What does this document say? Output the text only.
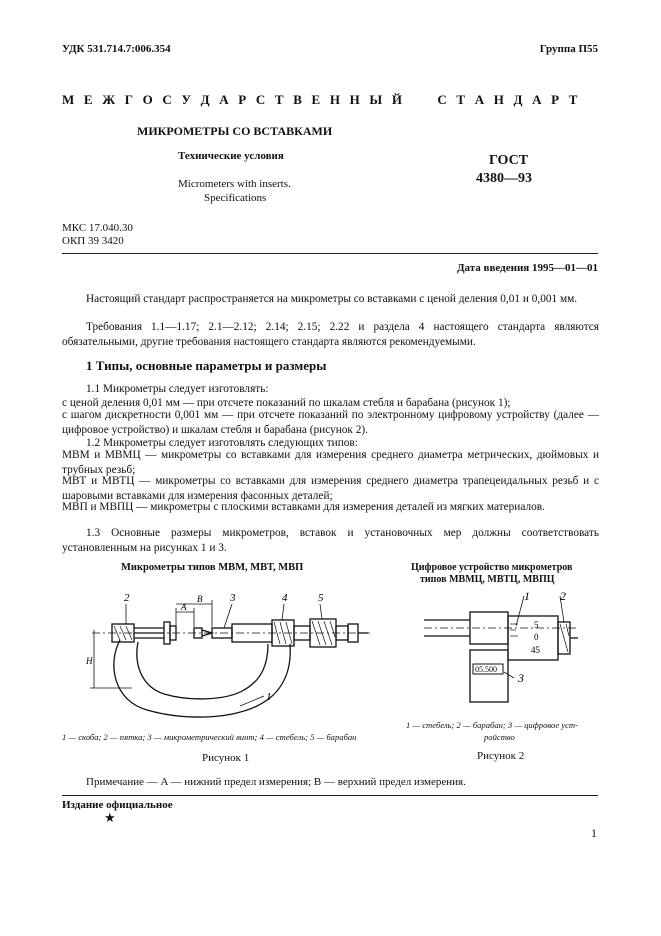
УДК 531.714.7:006.354	Группа П55
М Е Ж Г О С У Д А Р С Т В Е Н Н Ы Й     С Т А Н Д А Р Т
МИКРОМЕТРЫ СО ВСТАВКАМИ
Технические условия
Micrometers with inserts.
Specifications
ГОСТ
4380—93
МКС 17.040.30
ОКП 39 3420
Дата введения 1995—01—01
Настоящий стандарт распространяется на микрометры со вставками с ценой деления 0,01 и 0,001 мм.
Требования 1.1—1.17; 2.1—2.12; 2.14; 2.15; 2.22 и раздела 4 настоящего стандарта являются обязательными, другие требования настоящего стандарта являются рекомендуемыми.
1 Типы, основные параметры и размеры
1.1 Микрометры следует изготовлять:
с ценой деления 0,01 мм — при отсчете показаний по шкалам стебля и барабана (рисунок 1);
с шагом дискретности 0,001 мм — при отсчете показаний по электронному цифровому устройству (далее — цифровое устройство) и шкалам стебля и барабана (рисунок 2).
1.2 Микрометры следует изготовлять следующих типов:
МВМ и МВМЦ — микрометры со вставками для измерения среднего диаметра метрических, дюймовых и трубных резьб;
МВТ и МВТЦ — микрометры со вставками для измерения среднего диаметра трапецеидальных резьб и с шаровыми вставками для измерения фасонных деталей;
МВП и МВПЦ — микрометры с плоскими вставками для измерения деталей из мягких материалов.
1.3 Основные размеры микрометров, вставок и установочных мер должны соответствовать установленным на рисунках 1 и 3.
Микрометры типов МВМ, МВТ, МВП
2	3	4	5
1
A
B
H
1 — скоба; 2 — пятка; 3 — микрометрический винт; 4 — стебель; 5 — барабан
Рисунок 1
Цифровое устройство микрометров
типов МВМЦ, МВТЦ, МВПЦ
05.500
5
0
45
1	2
3
1 — стебель; 2 — барабан; 3 — цифровое уст-
ройство
Рисунок 2
Примечание — A — нижний предел измерения; B — верхний предел измерения.
Издание официальное
★
1
